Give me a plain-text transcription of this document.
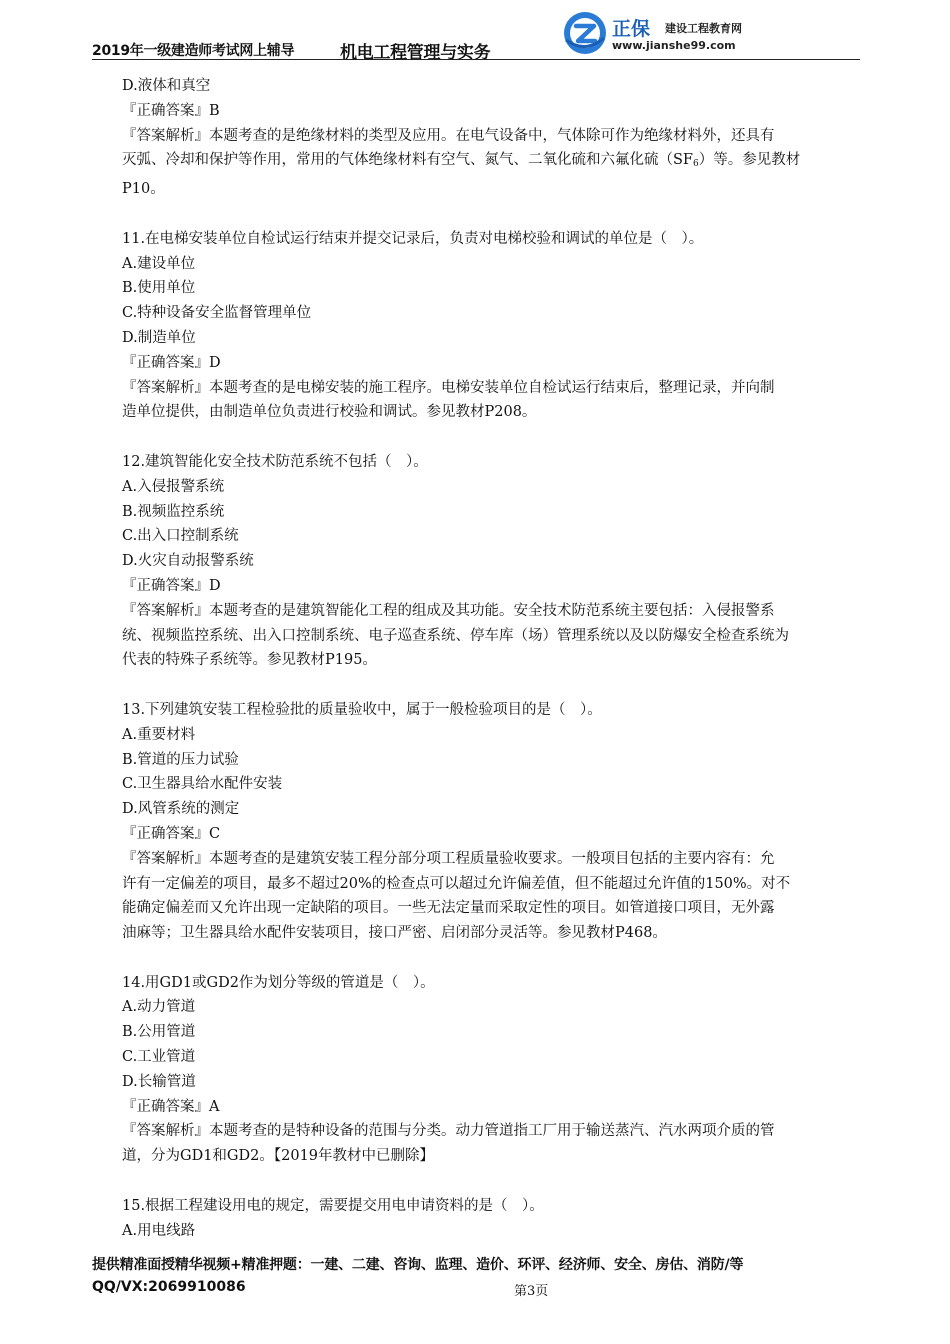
2019年一级建造师考试网上辅导	机电工程管理与实务
正保 建设工程教育网
www.jianshe99.com
D.液体和真空
『正确答案』B
『答案解析』本题考查的是绝缘材料的类型及应用。在电气设备中，气体除可作为绝缘材料外，还具有
灭弧、冷却和保护等作用，常用的气体绝缘材料有空气、氮气、二氧化硫和六氟化硫$(SF_6)$等。参见教材
P10。
11.在电梯安装单位自检试运行结束并提交记录后，负责对电梯校验和调试的单位是（　）。
A.建设单位
B.使用单位
C.特种设备安全监督管理单位
D.制造单位
『正确答案』D
『答案解析』本题考查的是电梯安装的施工程序。电梯安装单位自检试运行结束后，整理记录，并向制
造单位提供，由制造单位负责进行校验和调试。参见教材P208。
12.建筑智能化安全技术防范系统不包括（　）。
A.入侵报警系统
B.视频监控系统
C.出入口控制系统
D.火灾自动报警系统
『正确答案』D
『答案解析』本题考查的是建筑智能化工程的组成及其功能。安全技术防范系统主要包括：入侵报警系
统、视频监控系统、出入口控制系统、电子巡查系统、停车库（场）管理系统以及以防爆安全检查系统为
代表的特殊子系统等。参见教材P195。
13.下列建筑安装工程检验批的质量验收中，属于一般检验项目的是（　）。
A.重要材料
B.管道的压力试验
C.卫生器具给水配件安装
D.风管系统的测定
『正确答案』C
『答案解析』本题考查的是建筑安装工程分部分项工程质量验收要求。一般项目包括的主要内容有：允
许有一定偏差的项目，最多不超过20%的检查点可以超过允许偏差值，但不能超过允许值的150%。对不
能确定偏差而又允许出现一定缺陷的项目。一些无法定量而采取定性的项目。如管道接口项目，无外露
油麻等；卫生器具给水配件安装项目，接口严密、启闭部分灵活等。参见教材P468。
14.用GD1或GD2作为划分等级的管道是（　）。
A.动力管道
B.公用管道
C.工业管道
D.长输管道
『正确答案』A
『答案解析』本题考查的是特种设备的范围与分类。动力管道指工厂用于输送蒸汽、汽水两项介质的管
道，分为GD1和GD2。【2019年教材中已删除】
15.根据工程建设用电的规定，需要提交用电申请资料的是（　）。
A.用电线路
提供精准面授精华视频+精准押题：一建、二建、咨询、监理、造价、环评、经济师、安全、房估、消防/等
QQ/VX:2069910086	第3页
